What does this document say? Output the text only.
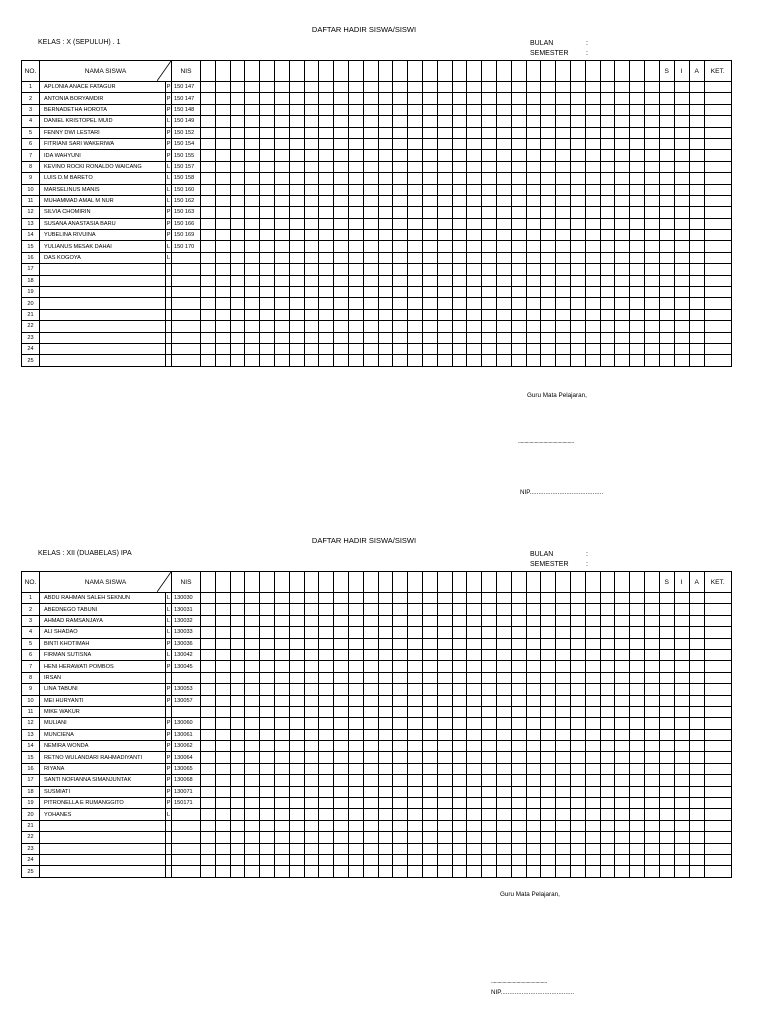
DAFTAR HADIR SISWA/SISWI
KELAS : X (SEPULUH) . 1	BULAN	:
SEMESTER :
NO.	NAMA SISWA		NIS																																S	I	A	KET.
1	APLONIA ANACE FATAGUR	P	150 147																																			
2	ANTONIA BORYAMDIR	P	150 147																																			
3	BERNADETHA HOROTA	P	150 148																																			
4	DANIEL KRISTOPEL MUID	L	150 149																																			
5	FENNY DWI LESTARI	P	150 152																																			
6	FITRIANI SARI WAKERIWA	P	150 154																																			
7	IDA WAHYUNI	P	150 155																																			
8	KEVINO ROCKI RONALDO WAICANG	L	150 157																																			
9	LUIS D.M BARETO	L	150 158																																			
10	MARSELINUS MANIS	L	150 160																																			
11	MUHAMMAD AMAL M NUR	L	150 162																																			
12	SILVIA CHOMIRIN	P	150 163																																			
13	SUSANA ANASTASIA BARU	P	150 166																																			
14	YUBELINA RIVUINA	P	150 169																																			
15	YULIANUS MESAK DAHAI	L	150 170																																			
16	DAS KOGOYA	L																																				
17																																						
18																																						
19																																						
20																																						
21																																						
22																																						
23																																						
24																																						
25																																						
Guru Mata Pelajaran,
............................................
NIP..........................................
DAFTAR HADIR SISWA/SISWI
KELAS : XII (DUABELAS) IPA	BULAN	:
SEMESTER :
NO.	NAMA SISWA		NIS																																S	I	A	KET.
1	ABDU RAHMAN SALEH SEKNUN	L	130030																																			
2	ABEDNEGO TABUNI	L	130031																																			
3	AHMAD RAMSANJAYA	L	130032																																			
4	ALI SHADAO	L	130033																																			
5	BINTI KHOTIMAH	P	130036																																			
6	FIRMAN SUTISNA	L	130042																																			
7	HENI HERAWATI POMBOS	P	130045																																			
8	IRSAN																																					
9	LINA TABUNI	P	130053																																			
10	MEI HURYANTI	P	130057																																			
11	MIKE WAKUR																																					
12	MULIANI	P	130060																																			
13	MUNCIENA	P	130061																																			
14	NEMIRA WONDA	P	130062																																			
15	RETNO WULANDARI RAHMADIYANTI	P	130064																																			
16	RIYANA	P	130065																																			
17	SANTI NOFIANNA SIMANJUNTAK	P	130068																																			
18	SUSMIATI	P	130071																																			
19	PITRONELLA E RUMANGGITO	P	150171																																			
20	YOHANES	L																																				
21																																						
22																																						
23																																						
24																																						
25																																						
Guru Mata Pelajaran,
............................................
NIP..........................................
